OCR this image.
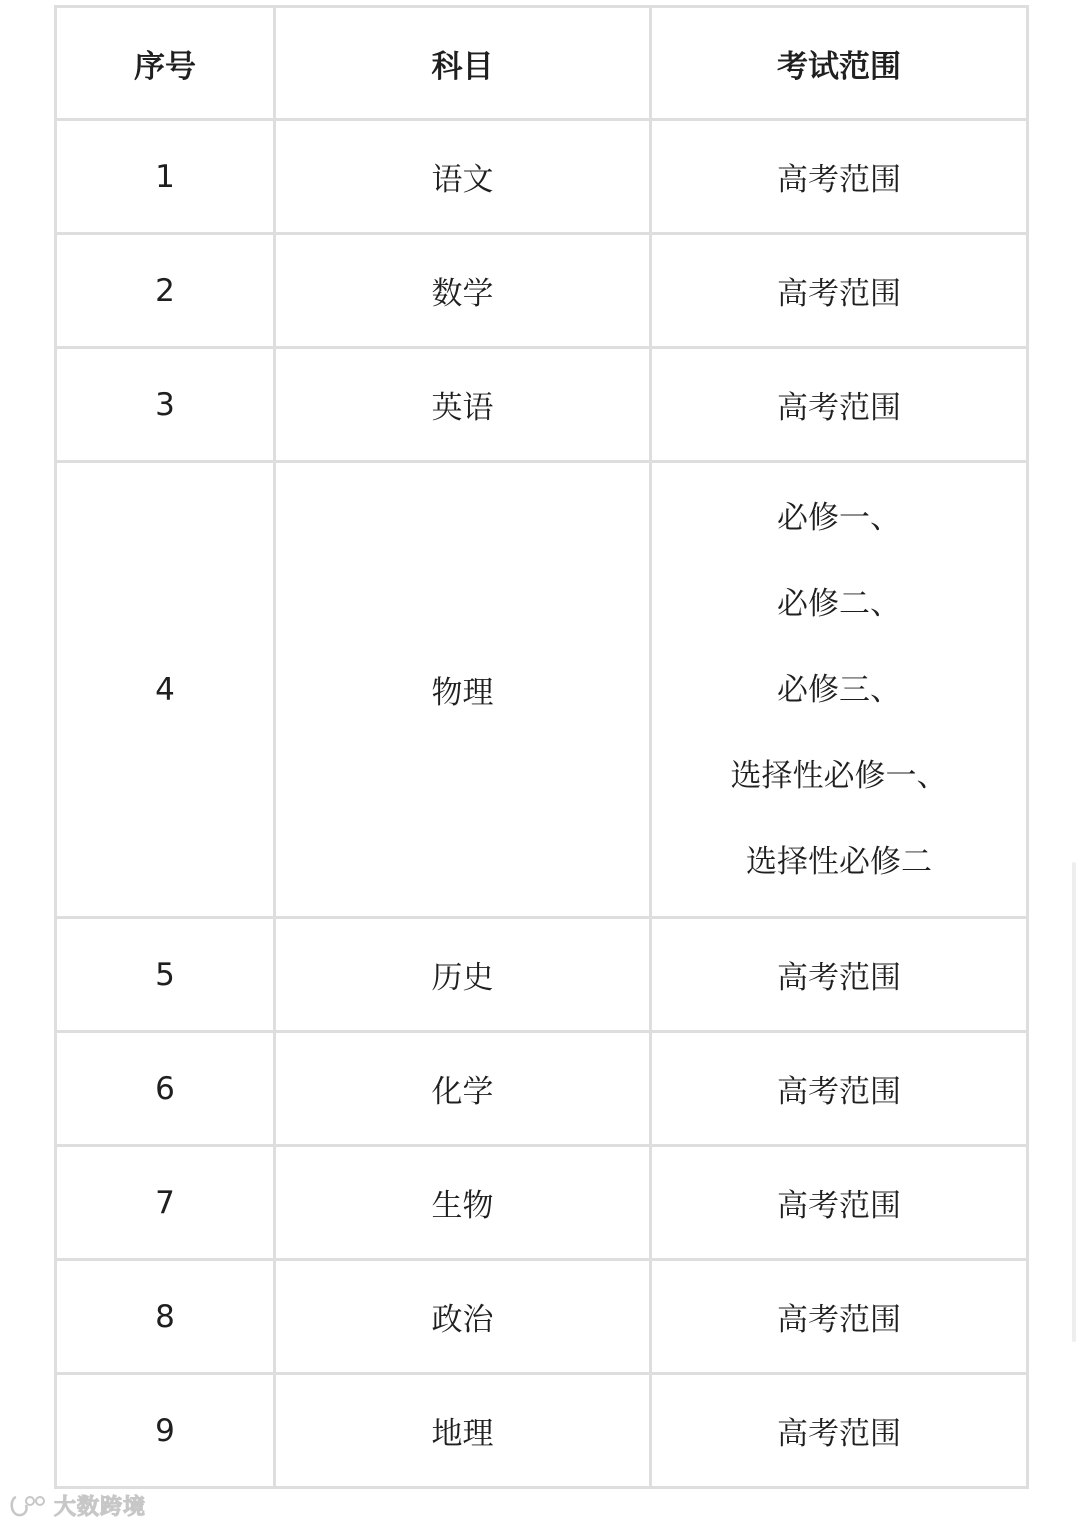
序号	科目	考试范围
1	语文	高考范围
2	数学	高考范围
3	英语	高考范围
4	物理	必修一、
必修二、
必修三、
选择性必修一、
选择性必修二

5	历史	高考范围
6	化学	高考范围
7	生物	高考范围
8	政治	高考范围
9	地理	高考范围
大数跨境
